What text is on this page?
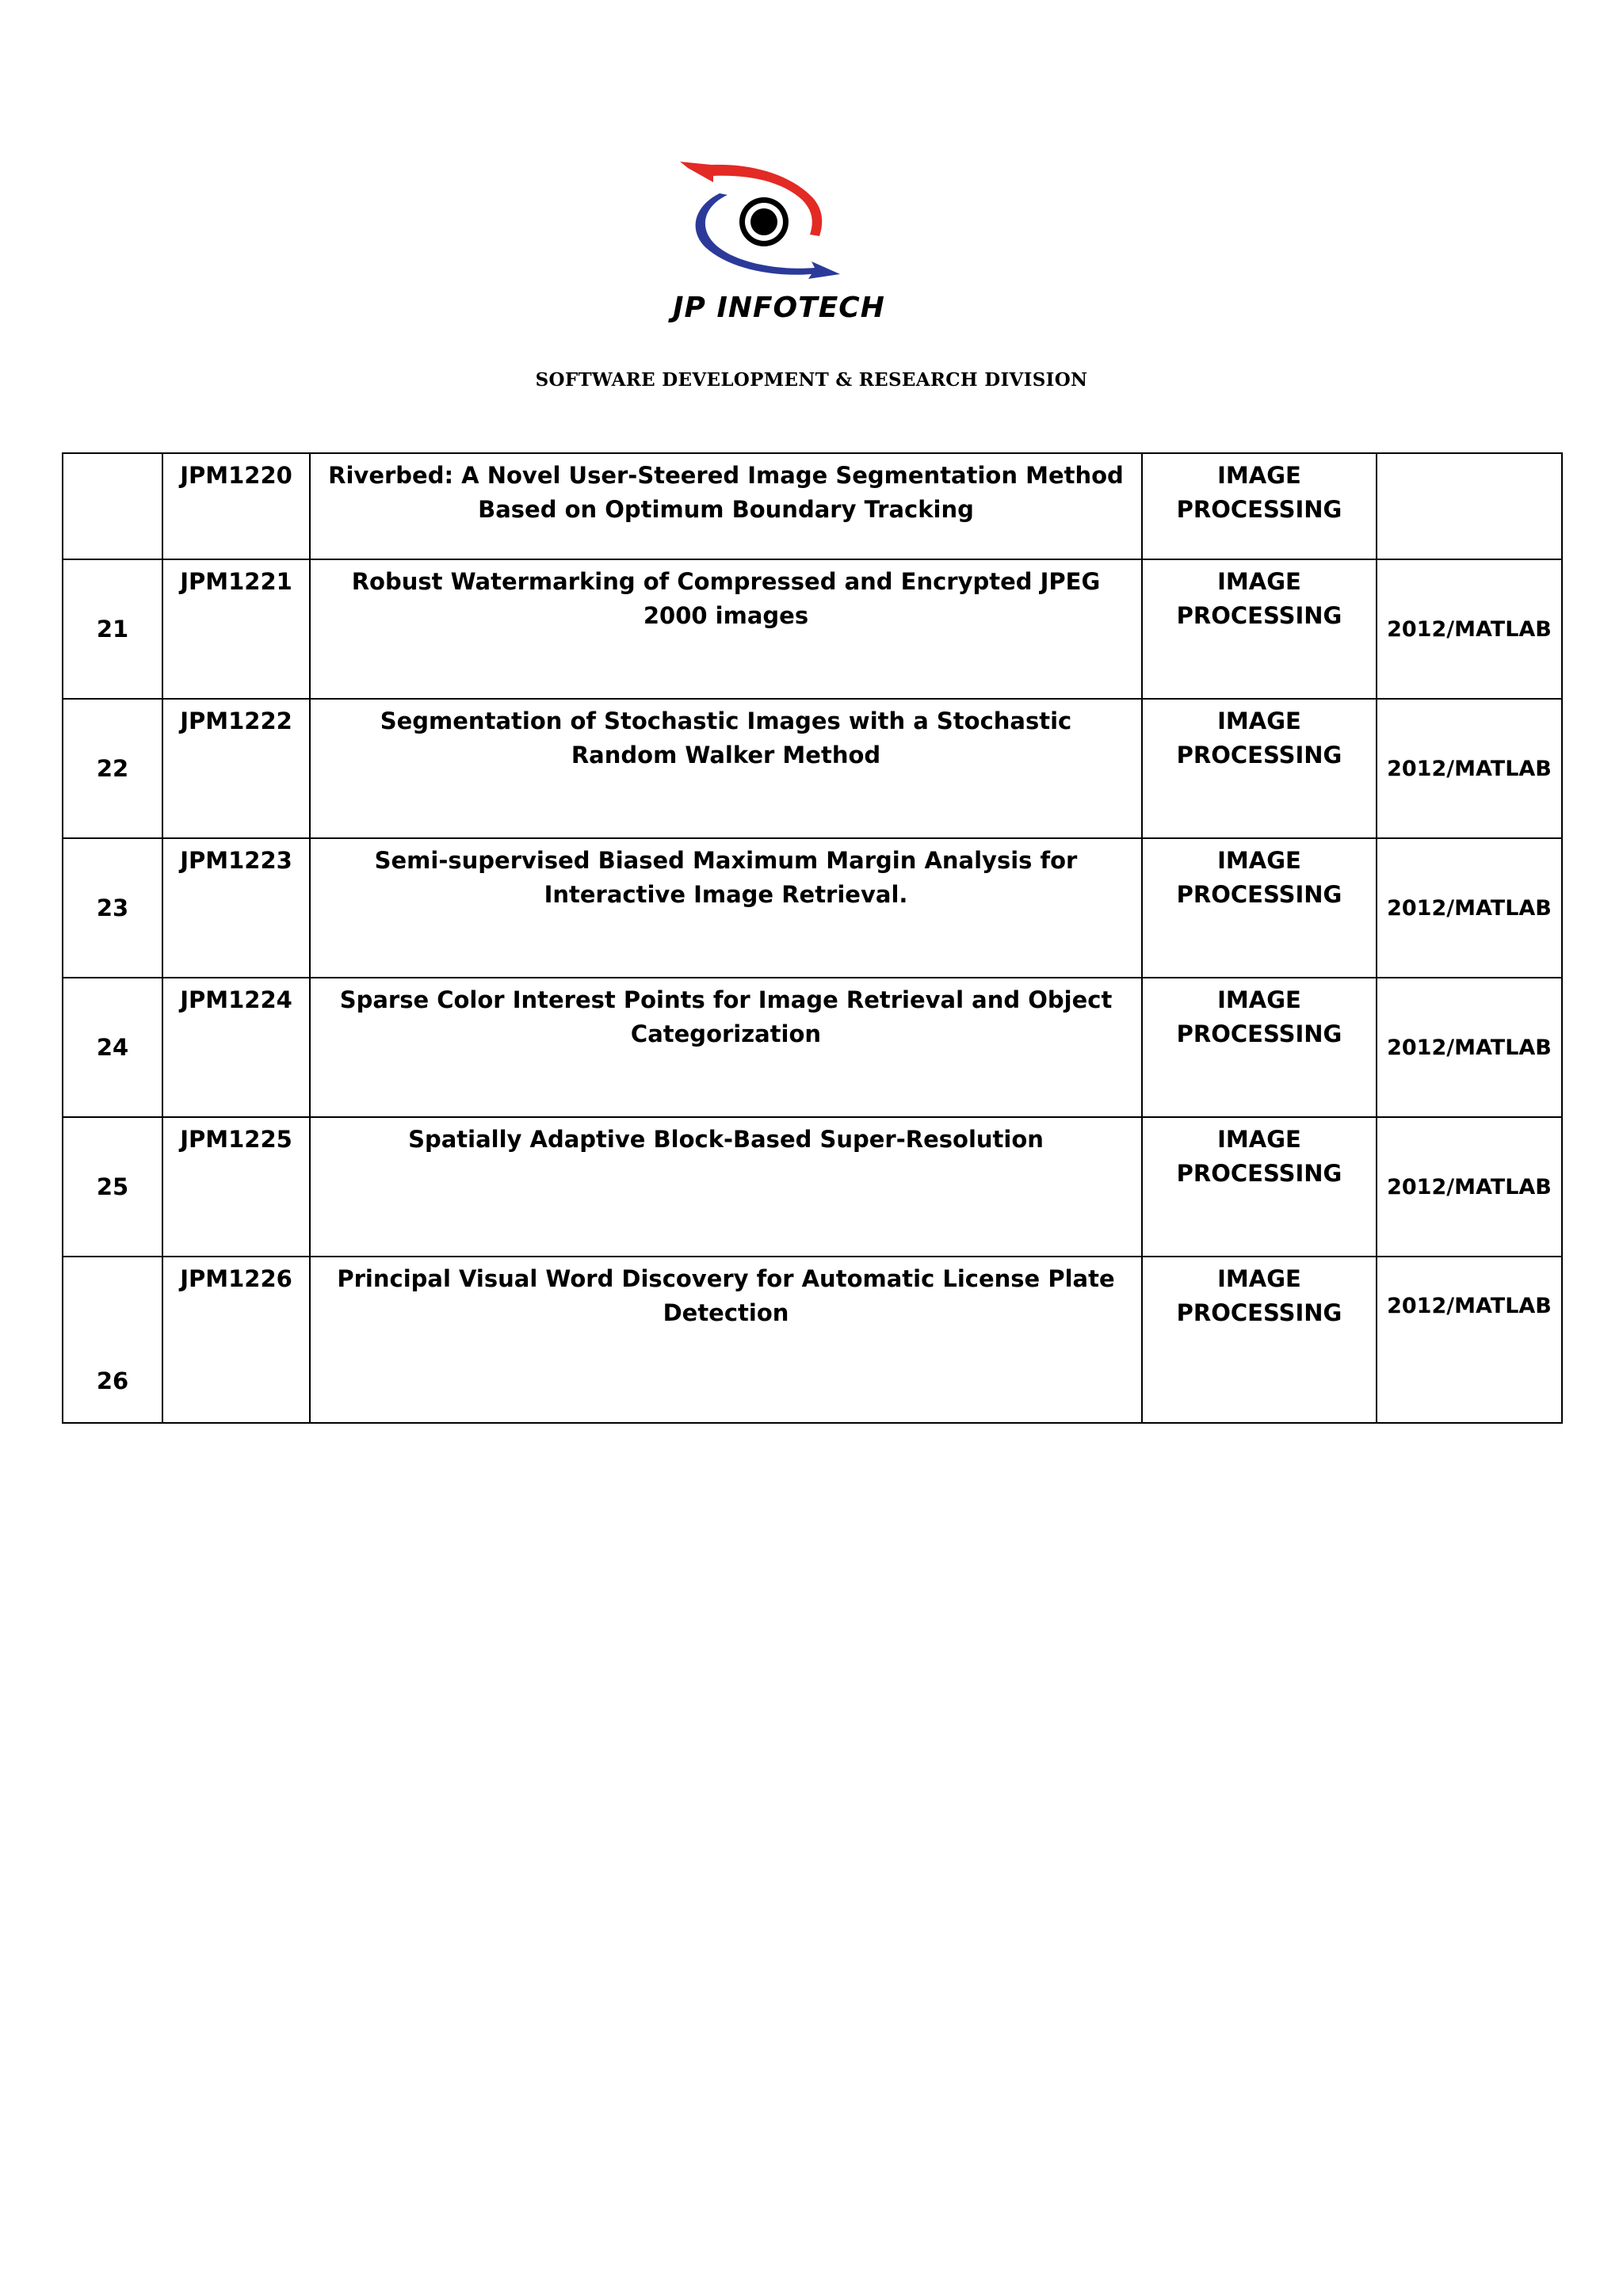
JP INFOTECH
SOFTWARE DEVELOPMENT & RESEARCH DIVISION
	JPM1220	Riverbed: A Novel User-Steered Image Segmentation Method Based on Optimum Boundary Tracking	IMAGE PROCESSING	
21	JPM1221	Robust Watermarking of Compressed and Encrypted JPEG 2000 images	IMAGE PROCESSING	2012/MATLAB
22	JPM1222	Segmentation of Stochastic Images with a Stochastic Random Walker Method	IMAGE PROCESSING	2012/MATLAB
23	JPM1223	Semi-supervised Biased Maximum Margin Analysis for Interactive Image Retrieval.	IMAGE PROCESSING	2012/MATLAB
24	JPM1224	Sparse Color Interest Points for Image Retrieval and Object Categorization	IMAGE PROCESSING	2012/MATLAB
25	JPM1225	Spatially Adaptive Block-Based Super-Resolution	IMAGE PROCESSING	2012/MATLAB
26	JPM1226	Principal Visual Word Discovery for Automatic License Plate Detection	IMAGE PROCESSING	2012/MATLAB
